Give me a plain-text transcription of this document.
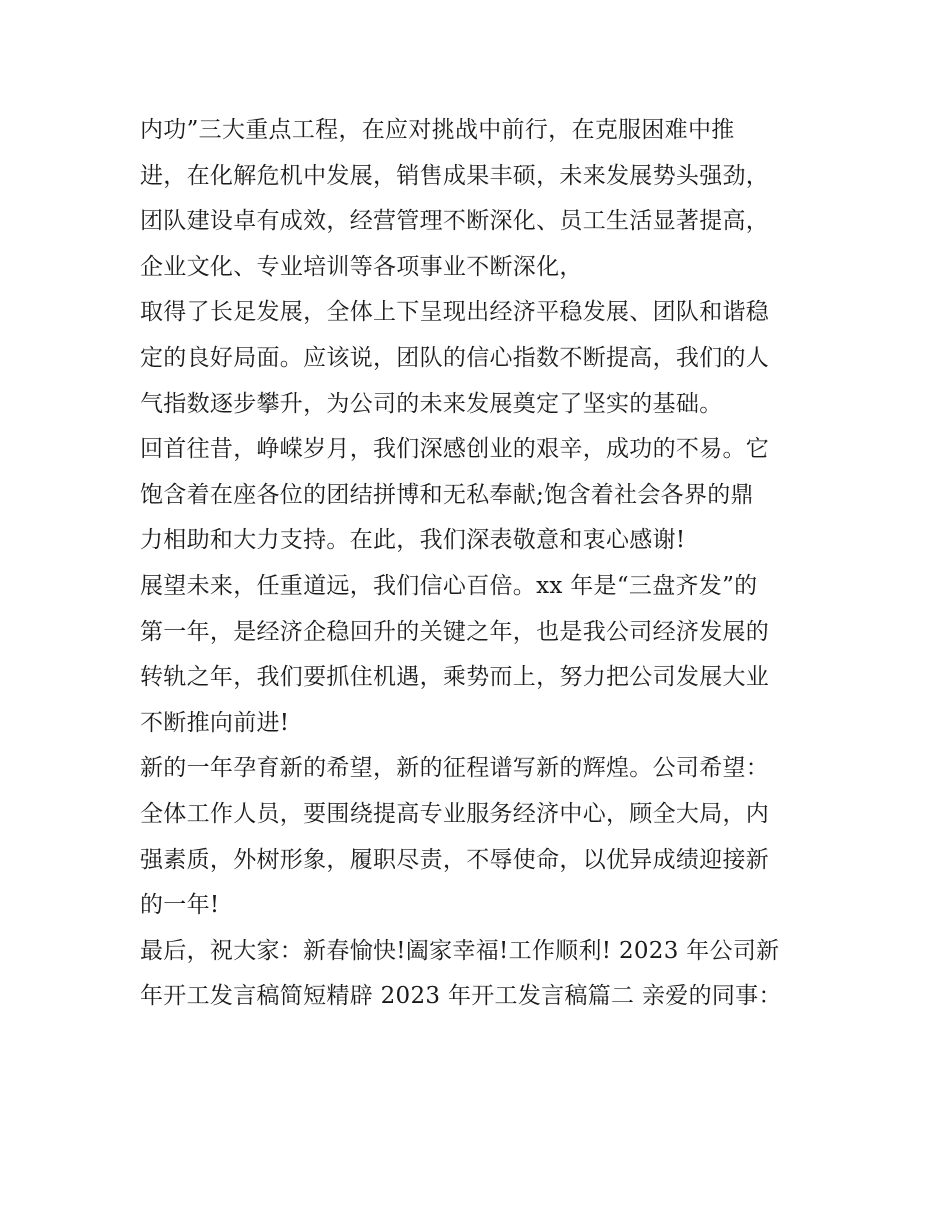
内功”三大重点工程，在应对挑战中前行，在克服困难中推
进，在化解危机中发展，销售成果丰硕，未来发展势头强劲，
团队建设卓有成效，经营管理不断深化、员工生活显著提高，
企业文化、专业培训等各项事业不断深化，
取得了长足发展，全体上下呈现出经济平稳发展、团队和谐稳
定的良好局面。应该说，团队的信心指数不断提高，我们的人
气指数逐步攀升，为公司的未来发展奠定了坚实的基础。
回首往昔，峥嵘岁月，我们深感创业的艰辛，成功的不易。它
饱含着在座各位的团结拼博和无私奉献;饱含着社会各界的鼎
力相助和大力支持。在此，我们深表敬意和衷心感谢!
展望未来，任重道远，我们信心百倍。xx 年是“三盘齐发”的
第一年，是经济企稳回升的关键之年，也是我公司经济发展的
转轨之年，我们要抓住机遇，乘势而上，努力把公司发展大业
不断推向前进!
新的一年孕育新的希望，新的征程谱写新的辉煌。公司希望：
全体工作人员，要围绕提高专业服务经济中心，顾全大局，内
强素质，外树形象，履职尽责，不辱使命，以优异成绩迎接新
的一年!
最后，祝大家：新春愉快!阖家幸福!工作顺利! 2023 年公司新
年开工发言稿简短精辟 2023 年开工发言稿篇二 亲爱的同事：
